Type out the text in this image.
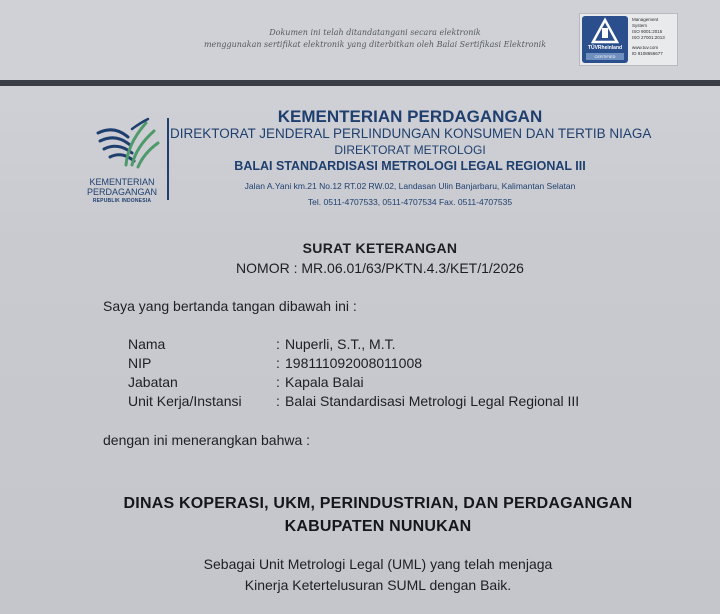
Dokumen ini telah ditandatangani secara elektronik
menggunakan sertifikat elektronik yang diterbitkan oleh Balai Sertifikasi Elektronik	TÜVRheinland
CERTIFIED
Management
System
ISO 9001:2015
ISO 27001:2013
www.tuv.com
ID 9108656677
KEMENTERIAN
PERDAGANGAN
REPUBLIK INDONESIA
KEMENTERIAN PERDAGANGAN
DIREKTORAT JENDERAL PERLINDUNGAN KONSUMEN DAN TERTIB NIAGA
DIREKTORAT METROLOGI
BALAI STANDARDISASI METROLOGI LEGAL REGIONAL III
Jalan A.Yani km.21 No.12 RT.02 RW.02, Landasan Ulin Banjarbaru, Kalimantan Selatan
Tel. 0511-4707533, 0511-4707534 Fax. 0511-4707535
SURAT KETERANGAN
NOMOR : MR.06.01/63/PKTN.4.3/KET/1/2026
Saya yang bertanda tangan dibawah ini :
Nama	: Nuperli, S.T., M.T.
NIP	: 198111092008011008
Jabatan	: Kapala Balai
Unit Kerja/Instansi : Balai Standardisasi Metrologi Legal Regional III
dengan ini menerangkan bahwa :
DINAS KOPERASI, UKM, PERINDUSTRIAN, DAN PERDAGANGAN
KABUPATEN NUNUKAN
Sebagai Unit Metrologi Legal (UML) yang telah menjaga
Kinerja Ketertelusuran SUML dengan Baik.
